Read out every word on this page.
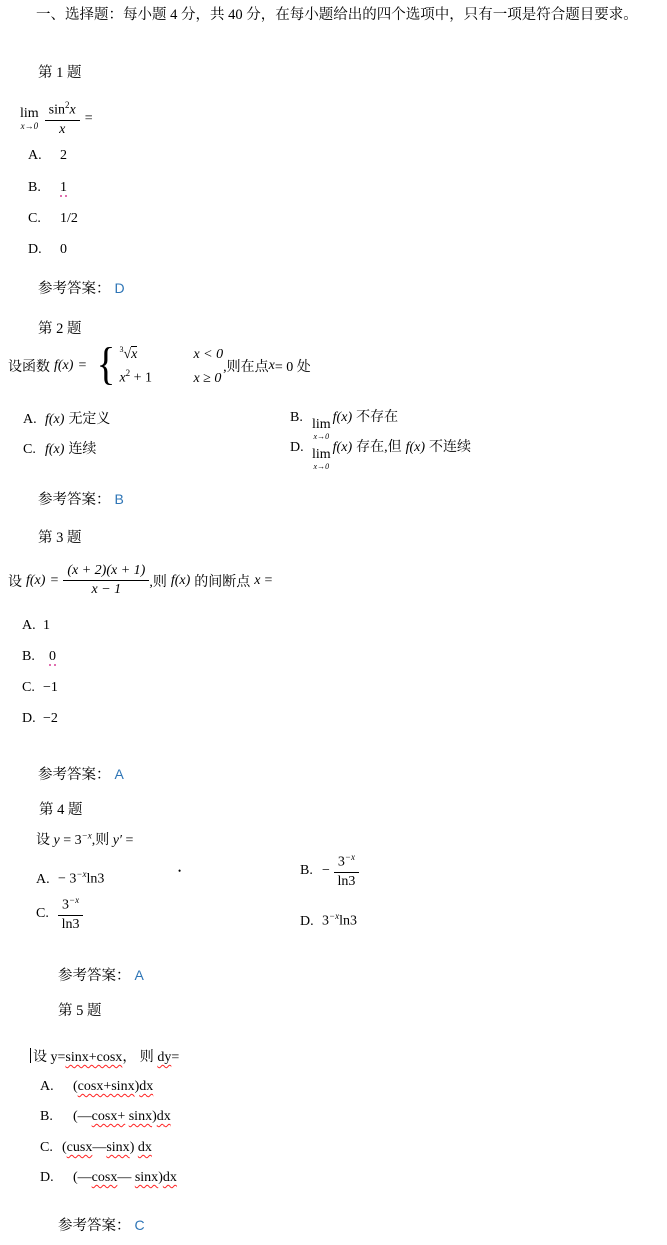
一、选择题：每小题 4 分，共 40 分，在每小题给出的四个选项中，只有一项是符合题目要求。

第 1 题
lim
$x\to 0 \frac{\sin^2x}{x}$ =
A. 2
B. 1
C. 1/2
D. 0
参考答案： D
第 2 题
设函数 f(x) = { $^3$√x	x < 0
$x^2 + 1$	x ≥ 0
,则在点 x = 0 处
A. f(x) 无定义	B. lim
x→0
f(x) 不存在
C. f(x) 连续	D. lim
x→0
f(x) 存在,但 f(x) 不连续
参考答案： B
第 3 题
设 $f(x) = \frac{(x + 2)(x + 1)}{x - 1}$ ,则 f(x) 的间断点 x =
A. 1
B. 0
C. −1
D. −2
参考答案： A
第 4 题
设 $y = 3^{-x}$,则 y′ =
A. − $3^{-x}\ln 3$
•	B. − $\frac{3^{-x}}{\ln 3}$
C. $\frac{3^{-x}}{\ln 3}$	D. $3^{-x}\ln 3$
参考答案： A
第 5 题
设 y=sinx+cosx， 则 dy=
A. (cosx+sinx)dx
B. (—cosx+ sinx)dx
C. (cusx—sinx) dx
D. (—cosx— sinx)dx
参考答案： C
